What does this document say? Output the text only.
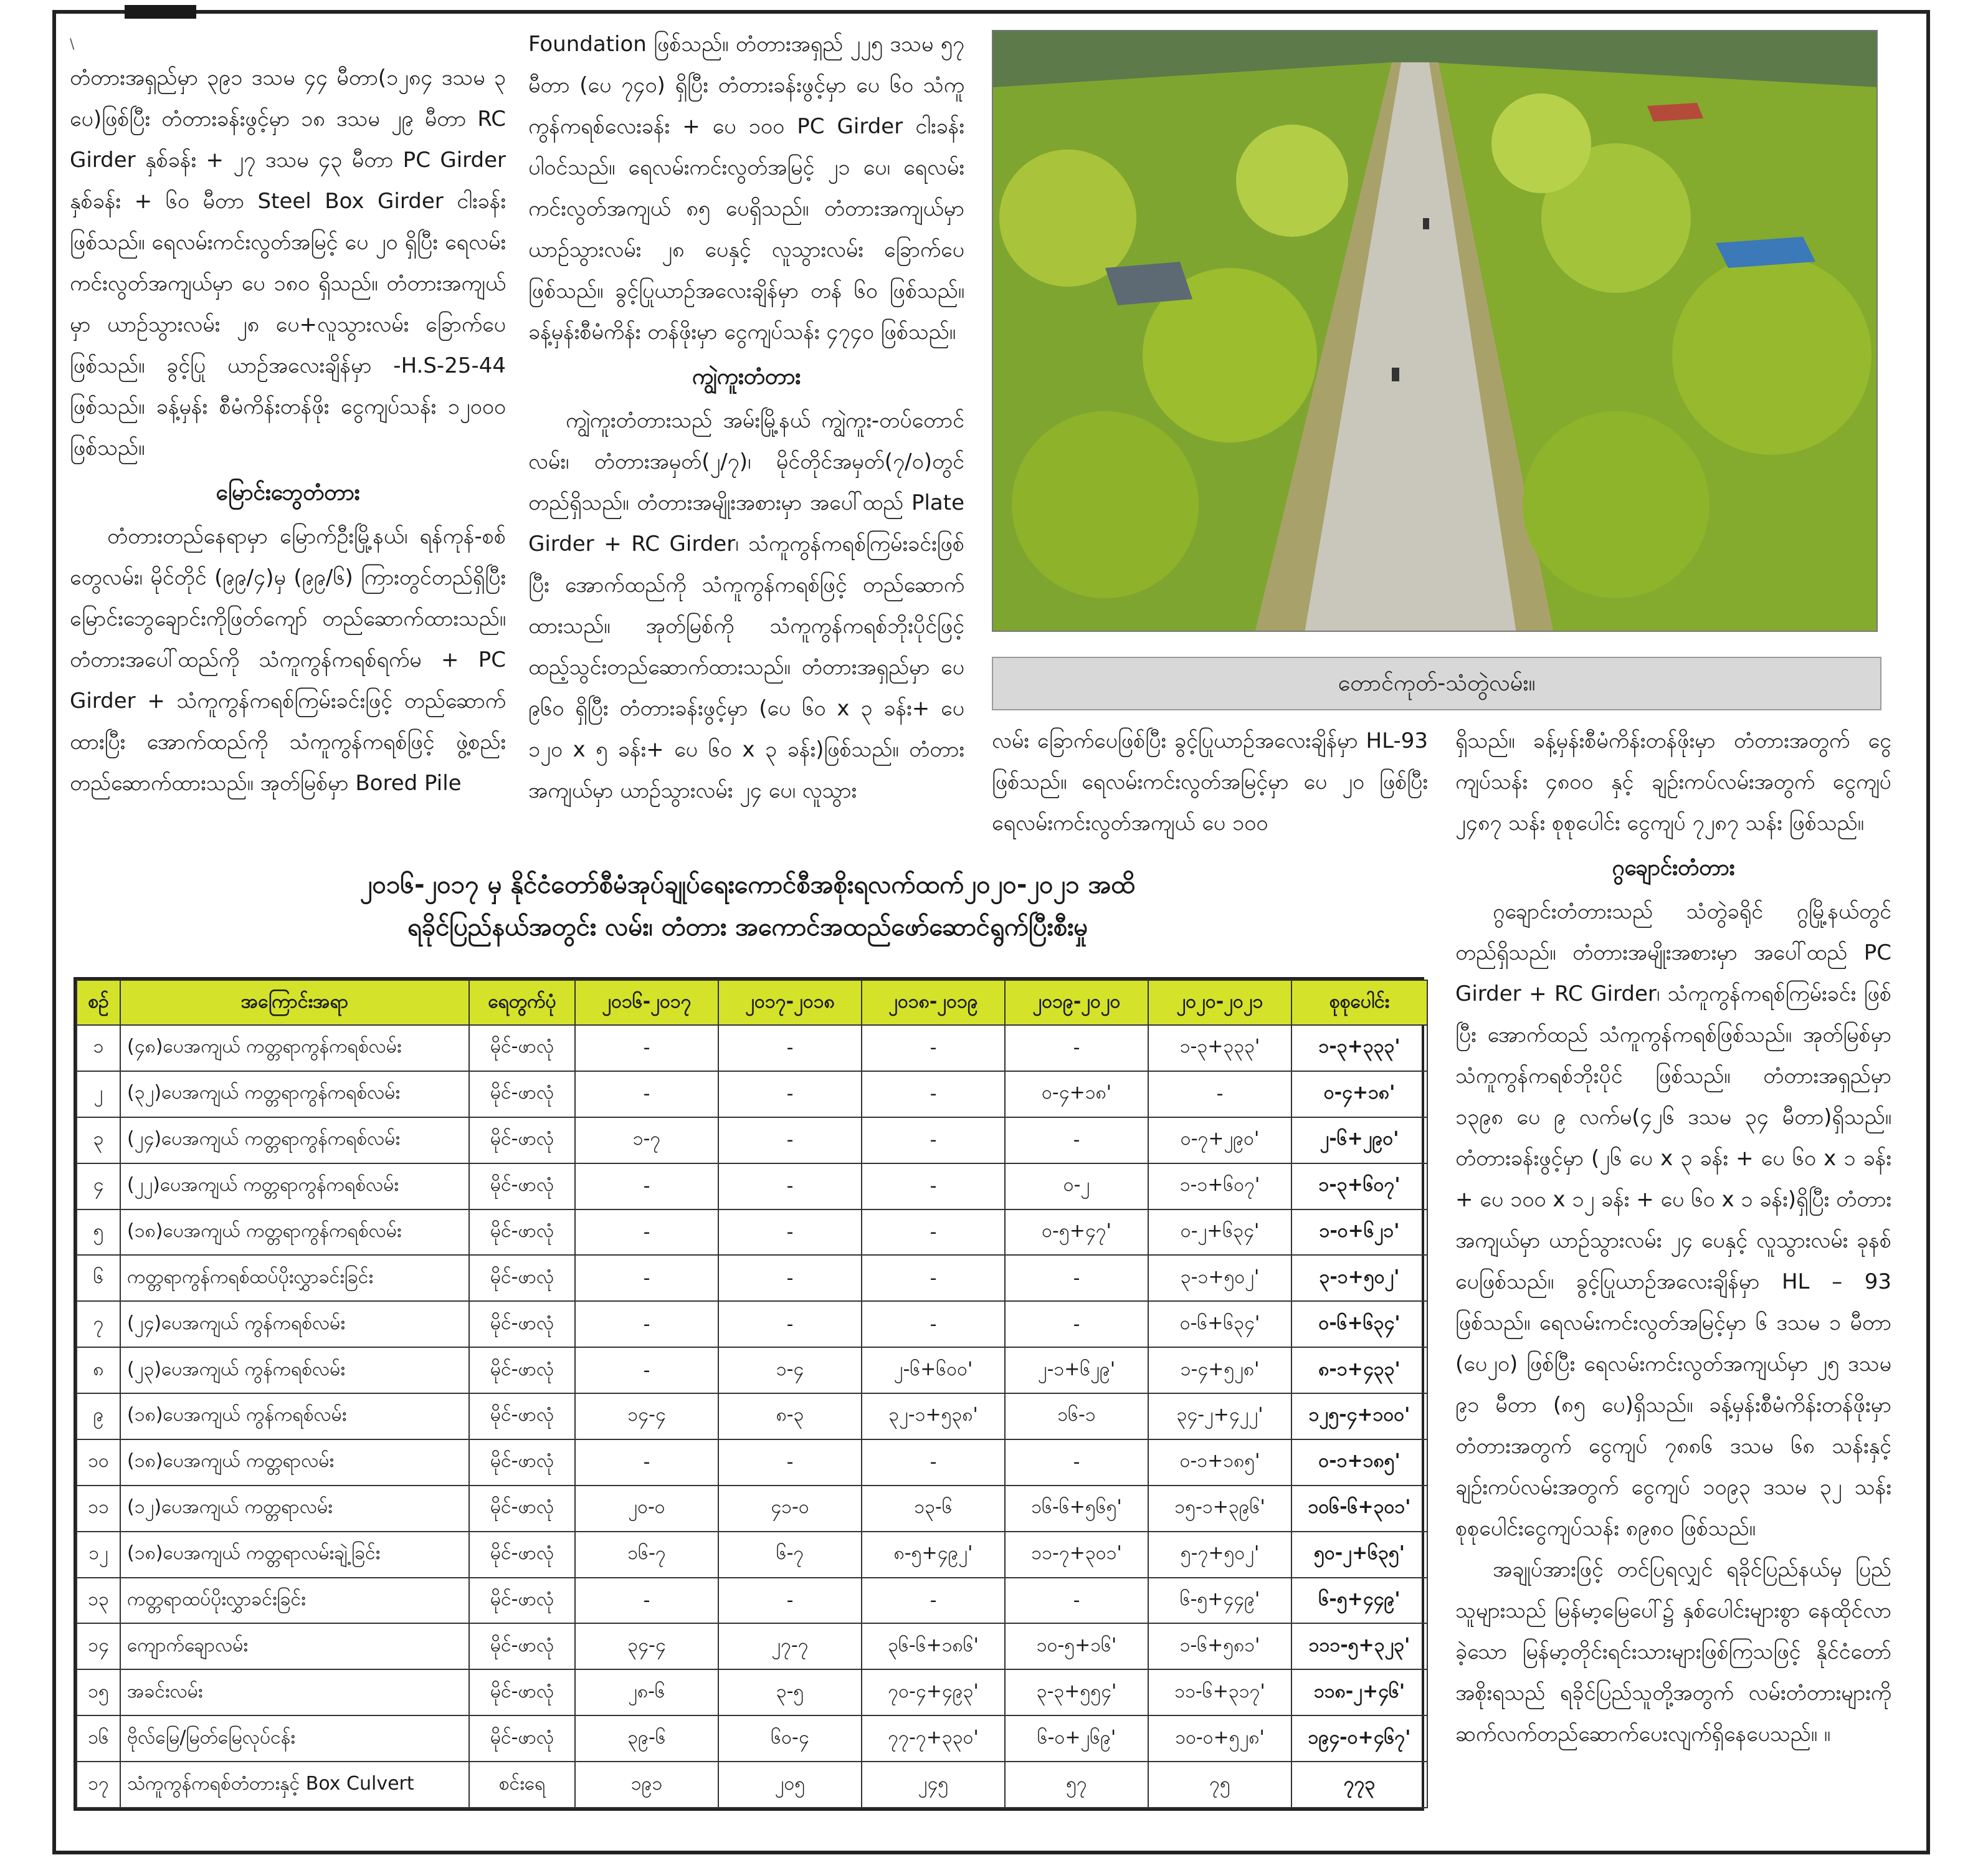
\

တံတားအရှည်မှာ ၃၉၁ ဒသမ ၄၄ မီတာ(၁၂၈၄ ဒသမ ၃ ပေ)ဖြစ်ပြီး တံတားခန်းဖွင့်မှာ ၁၈ ဒသမ ၂၉ မီတာ RC Girder နှစ်ခန်း + ၂၇ ဒသမ ၄၃ မီတာ PC Girder နှစ်ခန်း + ၆၀ မီတာ Steel Box Girder ငါးခန်း ဖြစ်သည်။ ရေလမ်းကင်းလွတ်အမြင့် ပေ ၂၀ ရှိပြီး ရေလမ်းကင်းလွတ်အကျယ်မှာ ပေ ၁၈၀ ရှိသည်။ တံတားအကျယ်မှာ ယာဉ်သွားလမ်း ၂၈ ပေ+လူသွားလမ်း ခြောက်ပေဖြစ်သည်။ ခွင့်ပြု ယာဉ်အလေးချိန်မှာ -H.S-25-44 ဖြစ်သည်။ ခန့်မှန်း စီမံကိန်းတန်ဖိုး ငွေကျပ်သန်း ၁၂၀၀၀ ဖြစ်သည်။

မြောင်းဘွေတံတား

တံတားတည်နေရာမှာ မြောက်ဦးမြို့နယ်၊ ရန်ကုန်-စစ်တွေလမ်း၊ မိုင်တိုင် (၉၉/၄)မှ (၉၉/၆) ကြားတွင်တည်ရှိပြီး မြောင်းဘွေချောင်းကိုဖြတ်ကျော် တည်ဆောက်ထားသည်။ တံတားအပေါ်ထည်ကို သံကူကွန်ကရစ်ရက်မ + PC Girder + သံကူကွန်ကရစ်ကြမ်းခင်းဖြင့် တည်ဆောက်ထားပြီး အောက်ထည်ကို သံကူကွန်ကရစ်ဖြင့် ဖွဲ့စည်းတည်ဆောက်ထားသည်။ အုတ်မြစ်မှာ Bored Pile

Foundation ဖြစ်သည်။ တံတားအရှည် ၂၂၅ ဒသမ ၅၇ မီတာ (ပေ ၇၄၀) ရှိပြီး တံတားခန်းဖွင့်မှာ ပေ ၆၀ သံကူကွန်ကရစ်လေးခန်း + ပေ ၁၀၀ PC Girder ငါးခန်းပါဝင်သည်။ ရေလမ်းကင်းလွတ်အမြင့် ၂၁ ပေ၊ ရေလမ်းကင်းလွတ်အကျယ် ၈၅ ပေရှိသည်။ တံတားအကျယ်မှာ ယာဉ်သွားလမ်း ၂၈ ပေနှင့် လူသွားလမ်း ခြောက်ပေဖြစ်သည်။ ခွင့်ပြုယာဉ်အလေးချိန်မှာ တန် ၆၀ ဖြစ်သည်။ ခန့်မှန်းစီမံကိန်း တန်ဖိုးမှာ ငွေကျပ်သန်း ၄၇၄၀ ဖြစ်သည်။

ကျွဲကူးတံတား

ကျွဲကူးတံတားသည် အမ်းမြို့နယ် ကျွဲကူး-တပ်တောင်လမ်း၊ တံတားအမှတ်(၂/၇)၊ မိုင်တိုင်အမှတ်(၇/၀)တွင် တည်ရှိသည်။ တံတားအမျိုးအစားမှာ အပေါ်ထည် Plate Girder + RC Girder၊ သံကူကွန်ကရစ်ကြမ်းခင်းဖြစ်ပြီး အောက်ထည်ကို သံကူကွန်ကရစ်ဖြင့် တည်ဆောက်ထားသည်။ အုတ်မြစ်ကို သံကူကွန်ကရစ်ဘိုးပိုင်ဖြင့် ထည့်သွင်းတည်ဆောက်ထားသည်။ တံတားအရှည်မှာ ပေ ၉၆၀ ရှိပြီး တံတားခန်းဖွင့်မှာ (ပေ ၆၀ x ၃ ခန်း+ ပေ ၁၂၀ x ၅ ခန်း+ ပေ ၆၀ x ၃ ခန်း)ဖြစ်သည်။ တံတားအကျယ်မှာ ယာဉ်သွားလမ်း ၂၄ ပေ၊ လူသွား

တောင်ကုတ်-သံတွဲလမ်း။

လမ်း ခြောက်ပေဖြစ်ပြီး ခွင့်ပြုယာဉ်အလေးချိန်မှာ HL-93 ဖြစ်သည်။ ရေလမ်းကင်းလွတ်အမြင့်မှာ ပေ ၂၀ ဖြစ်ပြီး ရေလမ်းကင်းလွတ်အကျယ် ပေ ၁၀၀

ရှိသည်။ ခန့်မှန်းစီမံကိန်းတန်ဖိုးမှာ တံတားအတွက် ငွေကျပ်သန်း ၄၈၀၀ နှင့် ချဉ်းကပ်လမ်းအတွက် ငွေကျပ် ၂၄၈၇ သန်း စုစုပေါင်း ငွေကျပ် ၇၂၈၇ သန်း ဖြစ်သည်။

ဂွချောင်းတံတား

ဂွချောင်းတံတားသည် သံတွဲခရိုင် ဂွမြို့နယ်တွင် တည်ရှိသည်။ တံတားအမျိုးအစားမှာ အပေါ်ထည် PC Girder + RC Girder၊ သံကူကွန်ကရစ်ကြမ်းခင်း ဖြစ်ပြီး အောက်ထည် သံကူကွန်ကရစ်ဖြစ်သည်။ အုတ်မြစ်မှာ သံကူကွန်ကရစ်ဘိုးပိုင် ဖြစ်သည်။ တံတားအရှည်မှာ ၁၃၉၈ ပေ ၉ လက်မ(၄၂၆ ဒသမ ၃၄ မီတာ)ရှိသည်။ တံတားခန်းဖွင့်မှာ (၂၆ ပေ x ၃ ခန်း + ပေ ၆၀ x ၁ ခန်း + ပေ ၁၀၀ x ၁၂ ခန်း + ပေ ၆၀ x ၁ ခန်း)ရှိပြီး တံတားအကျယ်မှာ ယာဉ်သွားလမ်း ၂၄ ပေနှင့် လူသွားလမ်း ခုနစ်ပေဖြစ်သည်။ ခွင့်ပြုယာဉ်အလေးချိန်မှာ HL – 93 ဖြစ်သည်။ ရေလမ်းကင်းလွတ်အမြင့်မှာ ၆ ဒသမ ၁ မီတာ (ပေ၂၀) ဖြစ်ပြီး ရေလမ်းကင်းလွတ်အကျယ်မှာ ၂၅ ဒသမ ၉၁ မီတာ (၈၅ ပေ)ရှိသည်။ ခန့်မှန်းစီမံကိန်းတန်ဖိုးမှာ တံတားအတွက် ငွေကျပ် ၇၈၈၆ ဒသမ ၆၈ သန်းနှင့် ချဉ်းကပ်လမ်းအတွက် ငွေကျပ် ၁၀၉၃ ဒသမ ၃၂ သန်း စုစုပေါင်းငွေကျပ်သန်း ၈၉၈၀ ဖြစ်သည်။

အချုပ်အားဖြင့် တင်ပြရလျှင် ရခိုင်ပြည်နယ်မှ ပြည်သူများသည် မြန်မာ့မြေပေါ်၌ နှစ်ပေါင်းများစွာ နေထိုင်လာခဲ့သော မြန်မာ့တိုင်းရင်းသားများဖြစ်ကြသဖြင့် နိုင်ငံတော်အစိုးရသည် ရခိုင်ပြည်သူတို့အတွက် လမ်းတံတားများကို ဆက်လက်တည်ဆောက်ပေးလျက်ရှိနေပေသည်။ ။

၂၀၁၆-၂၀၁၇ မှ နိုင်ငံတော်စီမံအုပ်ချုပ်ရေးကောင်စီအစိုးရလက်ထက်၂၀၂၀-၂၀၂၁ အထိ
ရခိုင်ပြည်နယ်အတွင်း လမ်း၊ တံတား အကောင်အထည်ဖော်ဆောင်ရွက်ပြီးစီးမှု
စဉ်	အကြောင်းအရာ	ရေတွက်ပုံ	၂၀၁၆-၂၀၁၇	၂၀၁၇-၂၀၁၈	၂၀၁၈-၂၀၁၉	၂၀၁၉-၂၀၂၀	၂၀၂၀-၂၀၂၁	စုစုပေါင်း
၁	(၄၈)ပေအကျယ် ကတ္တရာကွန်ကရစ်လမ်း	မိုင်-ဖာလုံ	-	-	-	-	၁-၃+၃၃၃'	၁-၃+၃၃၃'
၂	(၃၂)ပေအကျယ် ကတ္တရာကွန်ကရစ်လမ်း	မိုင်-ဖာလုံ	-	-	-	၀-၄+၁၈'	-	၀-၄+၁၈'
၃	(၂၄)ပေအကျယ် ကတ္တရာကွန်ကရစ်လမ်း	မိုင်-ဖာလုံ	၁-၇	-	-	-	၀-၇+၂၉၀'	၂-၆+၂၉၀'
၄	(၂၂)ပေအကျယ် ကတ္တရာကွန်ကရစ်လမ်း	မိုင်-ဖာလုံ	-	-	-	၀-၂	၁-၁+၆၀၇'	၁-၃+၆၀၇'
၅	(၁၈)ပေအကျယ် ကတ္တရာကွန်ကရစ်လမ်း	မိုင်-ဖာလုံ	-	-	-	၀-၅+၄၇'	၀-၂+၆၃၄'	၁-၀+၆၂၁'
၆	ကတ္တရာကွန်ကရစ်ထပ်ပိုးလွှာခင်းခြင်း	မိုင်-ဖာလုံ	-	-	-	-	၃-၁+၅၀၂'	၃-၁+၅၀၂'
၇	(၂၄)ပေအကျယ် ကွန်ကရစ်လမ်း	မိုင်-ဖာလုံ	-	-	-	-	၀-၆+၆၃၄'	၀-၆+၆၃၄'
၈	(၂၃)ပေအကျယ် ကွန်ကရစ်လမ်း	မိုင်-ဖာလုံ	-	၁-၄	၂-၆+၆၀၀'	၂-၁+၆၂၉'	၁-၄+၅၂၈'	၈-၁+၄၃၃'
၉	(၁၈)ပေအကျယ် ကွန်ကရစ်လမ်း	မိုင်-ဖာလုံ	၁၄-၄	၈-၃	၃၂-၁+၅၃၈'	၁၆-၁	၃၄-၂+၄၂၂'	၁၂၅-၄+၁၀၀'
၁၀	(၁၈)ပေအကျယ် ကတ္တရာလမ်း	မိုင်-ဖာလုံ	-	-	-	-	၀-၁+၁၈၅'	၀-၁+၁၈၅'
၁၁	(၁၂)ပေအကျယ် ကတ္တရာလမ်း	မိုင်-ဖာလုံ	၂၀-၀	၄၁-၀	၁၃-၆	၁၆-၆+၅၆၅'	၁၅-၁+၃၉၆'	၁၀၆-၆+၃၀၁'
၁၂	(၁၈)ပေအကျယ် ကတ္တရာလမ်းချဲ့ခြင်း	မိုင်-ဖာလုံ	၁၆-၇	၆-၇	၈-၅+၄၉၂'	၁၁-၇+၃၀၁'	၅-၇+၅၀၂'	၅၀-၂+၆၃၅'
၁၃	ကတ္တရာထပ်ပိုးလွှာခင်းခြင်း	မိုင်-ဖာလုံ	-	-	-	-	၆-၅+၄၄၉'	၆-၅+၄၄၉'
၁၄	ကျောက်ချောလမ်း	မိုင်-ဖာလုံ	၃၄-၄	၂၇-၇	၃၆-၆+၁၈၆'	၁၀-၅+၁၆'	၁-၆+၅၈၁'	၁၁၁-၅+၃၂၃'
၁၅	အခင်းလမ်း	မိုင်-ဖာလုံ	၂၈-၆	၃-၅	၇၀-၄+၄၉၃'	၃-၃+၅၅၄'	၁၁-၆+၃၁၇'	၁၁၈-၂+၄၆'
၁၆	ဗိုလ်မြေ/မြတ်မြေလုပ်ငန်း	မိုင်-ဖာလုံ	၃၉-၆	၆၀-၄	၇၇-၇+၃၃၀'	၆-၀+၂၆၉'	၁၀-၀+၅၂၈'	၁၉၄-၀+၄၆၇'
၁၇	သံကူကွန်ကရစ်တံတားနှင့် Box Culvert	စင်းရေ	၁၉၁	၂၀၅	၂၄၅	၅၇	၇၅	၇၇၃
